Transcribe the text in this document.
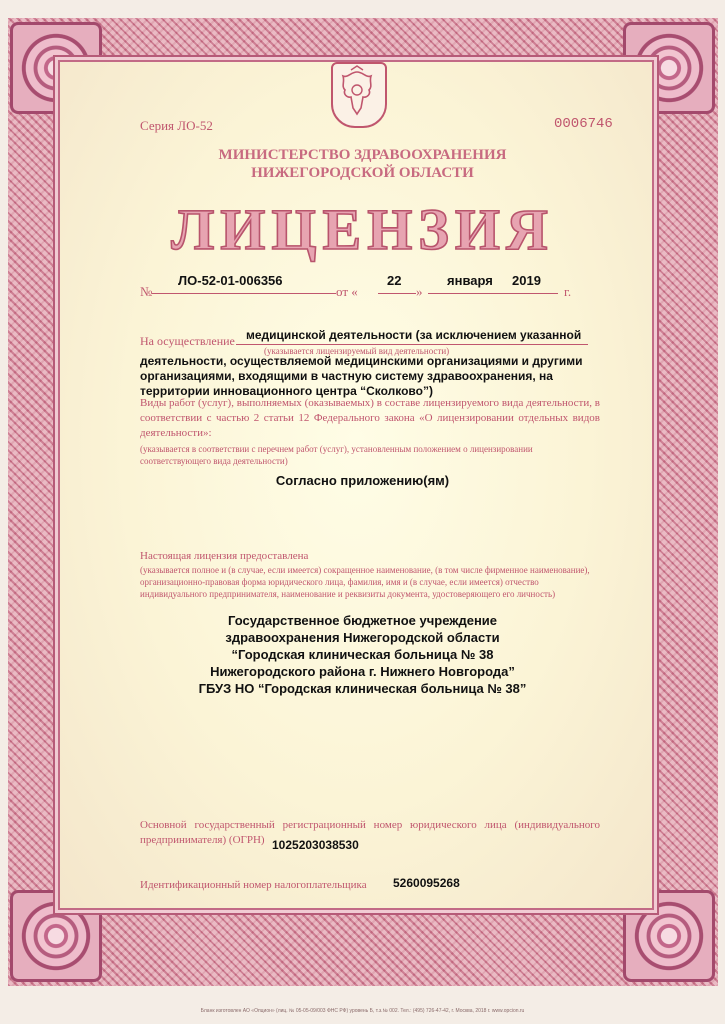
Серия ЛО-52	0006746
МИНИСТЕРСТВО ЗДРАВООХРАНЕНИЯ
НИЖЕГОРОДСКОЙ ОБЛАСТИ
ЛИЦЕНЗИЯ
№
ЛО-52-01-006356
от «
22
»
января 2019
г.
На осуществление медицинской деятельности (за исключением указанной
(указывается лицензируемый вид деятельности)
деятельности, осуществляемой медицинскими организациями и другими организациями, входящими в частную систему здравоохранения, на территории инновационного центра “Сколково”)
Виды работ (услуг), выполняемых (оказываемых) в составе лицензируемого вида деятельности, в соответствии с частью 2 статьи 12 Федерального закона «О лицензировании отдельных видов деятельности»:
(указывается в соответствии с перечнем работ (услуг), установленным положением о лицензировании соответствующего вида деятельности)
Согласно приложению(ям)
Настоящая лицензия предоставлена
(указывается полное и (в случае, если имеется) сокращенное наименование, (в том числе фирменное наименование), организационно-правовая форма юридического лица, фамилия, имя и (в случае, если имеется) отчество индивидуального предпринимателя, наименование и реквизиты документа, удостоверяющего его личность)
Государственное бюджетное учреждение
здравоохранения Нижегородской области
“Городская клиническая больница № 38
Нижегородского района г. Нижнего Новгорода”
ГБУЗ НО “Городская клиническая больница № 38”
Основной государственный регистрационный номер юридического лица (индивидуального предпринимателя) (ОГРН) 1025203038530
Идентификационный номер налогоплательщика 5260095268
Бланк изготовлен АО «Опцион» (лиц. № 05-05-09/003 ФНС РФ) уровень Б, т.з.№ 002. Тел.: (495) 726-47-42, г. Москва, 2018 г. www.opcion.ru
